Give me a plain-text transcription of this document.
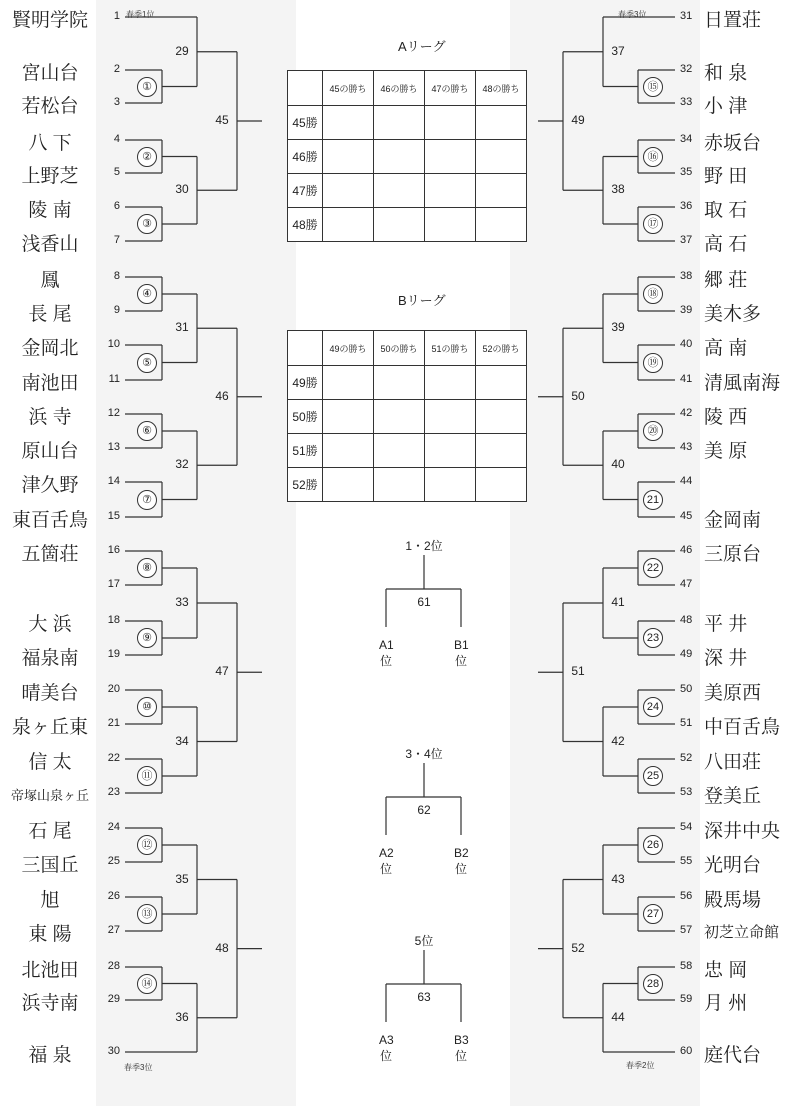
賢明学院	1
宮山台	2
若松台	3
八 下	4
上野芝	5
陵 南	6
浅香山	7
鳳	8
長 尾	9
金岡北	10
南池田	11
浜 寺	12
原山台	13
津久野	14
東百舌鳥	15
五箇荘	16
17
大 浜	18
福泉南	19
晴美台	20
泉ヶ丘東	21
信 太	22
帝塚山泉ヶ丘	23
石 尾	24
三国丘	25
旭	26
東 陽	27
北池田	28
浜寺南	29
福 泉	30
①
②
③
④
⑤
⑥
⑦
⑧
⑨
⑩
⑪
⑫
⑬
⑭
29
30
31
32
33
34
35
36
45
46
47
48
日置荘
31
和 泉
32
小 津
33
赤坂台
34
野 田
35
取 石
36
高 石
37
郷 荘
38
美木多
39
高 南
40
清風南海
41
陵 西
42
美 原
43
44
金岡南
45
三原台
46
47
平 井
48
深 井
49
美原西
50
中百舌鳥
51
八田荘
52
登美丘
53
深井中央
54
光明台
55
殿馬場
56
初芝立命館
57
忠 岡
58
月 州
59
庭代台
60
⑮
⑯
⑰
⑱
⑲
⑳
21
22
23
24
25
26
27
28
37
38
39
40
41
42
43
44
49
50
51
52
春季1位
春季3位
春季3位
春季2位
Aリーグ
	45の勝ち	46の勝ち	47の勝ち	48の勝ち
45勝				
46勝				
47勝				
48勝				
Bリーグ
	49の勝ち	50の勝ち	51の勝ち	52の勝ち
49勝				
50勝				
51勝				
52勝				
1・2位
61
A1位
B1位
3・4位
62
A2位
B2位
5位
63
A3位
B3位
